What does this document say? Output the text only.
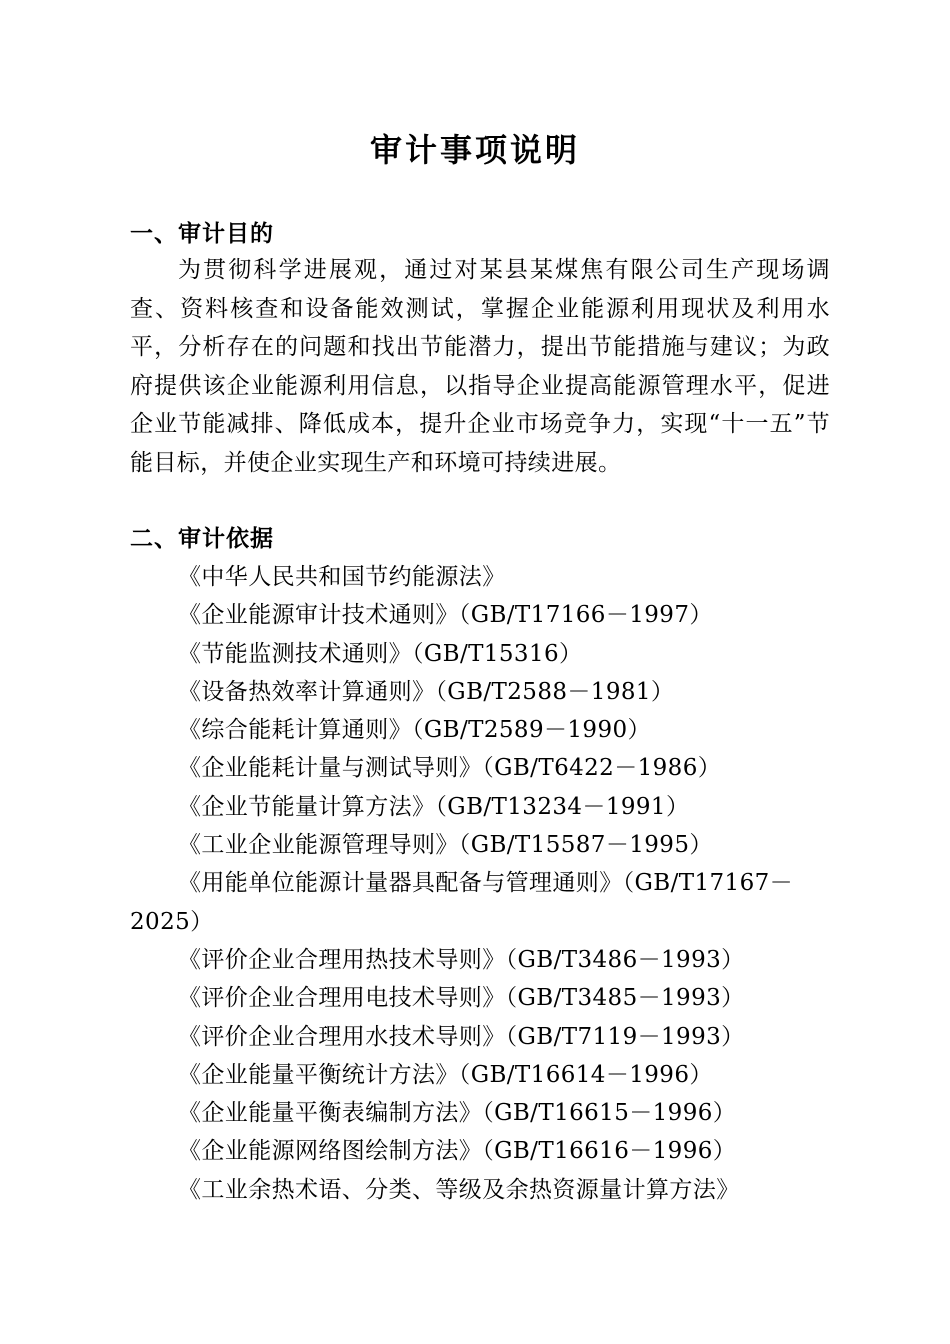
审计事项说明
一、审计目的
为贯彻科学进展观，通过对某县某煤焦有限公司生产现场调查、资料核查和设备能效测试，掌握企业能源利用现状及利用水平，分析存在的问题和找出节能潜力，提出节能措施与建议；为政府提供该企业能源利用信息，以指导企业提高能源管理水平，促进企业节能减排、降低成本，提升企业市场竞争力，实现“十一五”节能目标，并使企业实现生产和环境可持续进展。
二、审计依据
《中华人民共和国节约能源法》
《企业能源审计技术通则》（GB/T17166－1997）
《节能监测技术通则》（GB/T15316）
《设备热效率计算通则》（GB/T2588－1981）
《综合能耗计算通则》（GB/T2589－1990）
《企业能耗计量与测试导则》（GB/T6422－1986）
《企业节能量计算方法》（GB/T13234－1991）
《工业企业能源管理导则》（GB/T15587－1995）
《用能单位能源计量器具配备与管理通则》（GB/T17167－2025）
《评价企业合理用热技术导则》（GB/T3486－1993）
《评价企业合理用电技术导则》（GB/T3485－1993）
《评价企业合理用水技术导则》（GB/T7119－1993）
《企业能量平衡统计方法》（GB/T16614－1996）
《企业能量平衡表编制方法》（GB/T16615－1996）
《企业能源网络图绘制方法》（GB/T16616－1996）
《工业余热术语、分类、等级及余热资源量计算方法》
